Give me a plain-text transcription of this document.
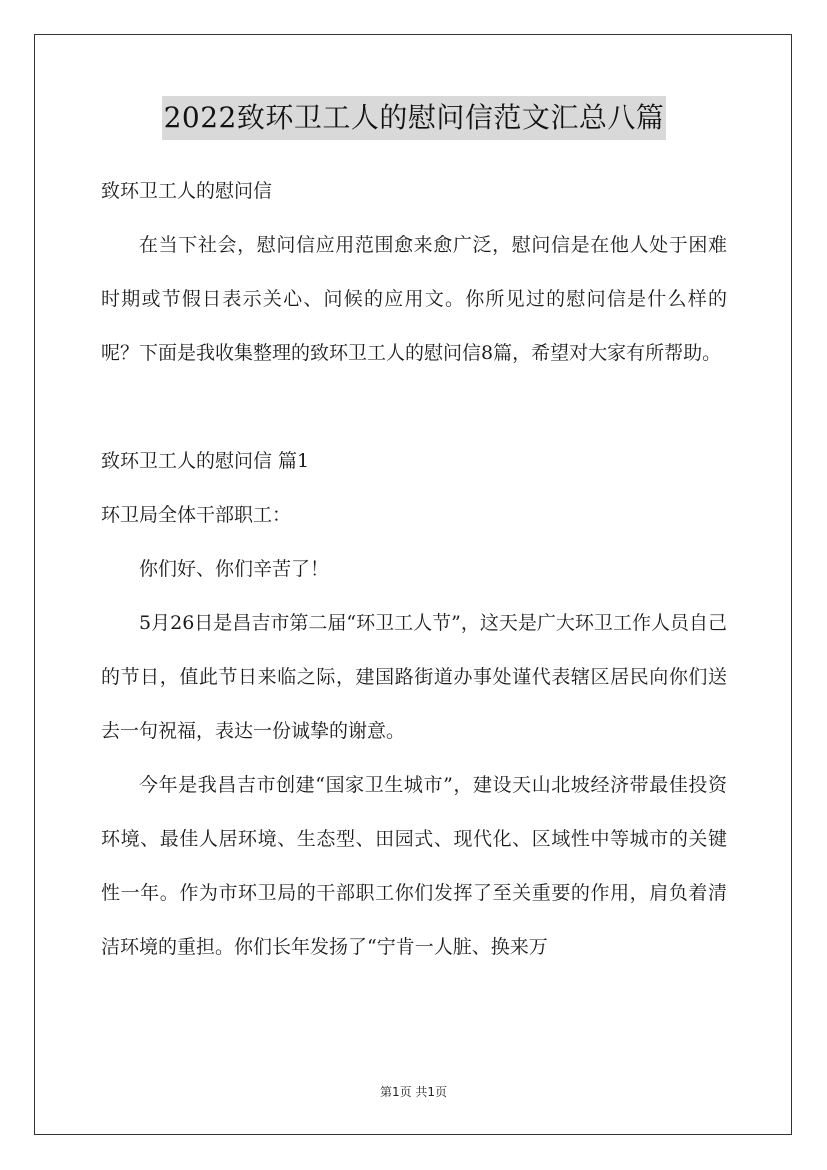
2022致环卫工人的慰问信范文汇总八篇

致环卫工人的慰问信

在当下社会，慰问信应用范围愈来愈广泛，慰问信是在他人处于困难时期或节假日表示关心、问候的应用文。你所见过的慰问信是什么样的呢？下面是我收集整理的致环卫工人的慰问信8篇，希望对大家有所帮助。

致环卫工人的慰问信 篇1

环卫局全体干部职工：

你们好、你们辛苦了！

5月26日是昌吉市第二届“环卫工人节”，这天是广大环卫工作人员自己的节日，值此节日来临之际，建国路街道办事处谨代表辖区居民向你们送去一句祝福，表达一份诚挚的谢意。

今年是我昌吉市创建“国家卫生城市”，建设天山北坡经济带最佳投资环境、最佳人居环境、生态型、田园式、现代化、区域性中等城市的关键性一年。作为市环卫局的干部职工你们发挥了至关重要的作用，肩负着清洁环境的重担。你们长年发扬了“宁肯一人脏、换来万

第1页 共1页
